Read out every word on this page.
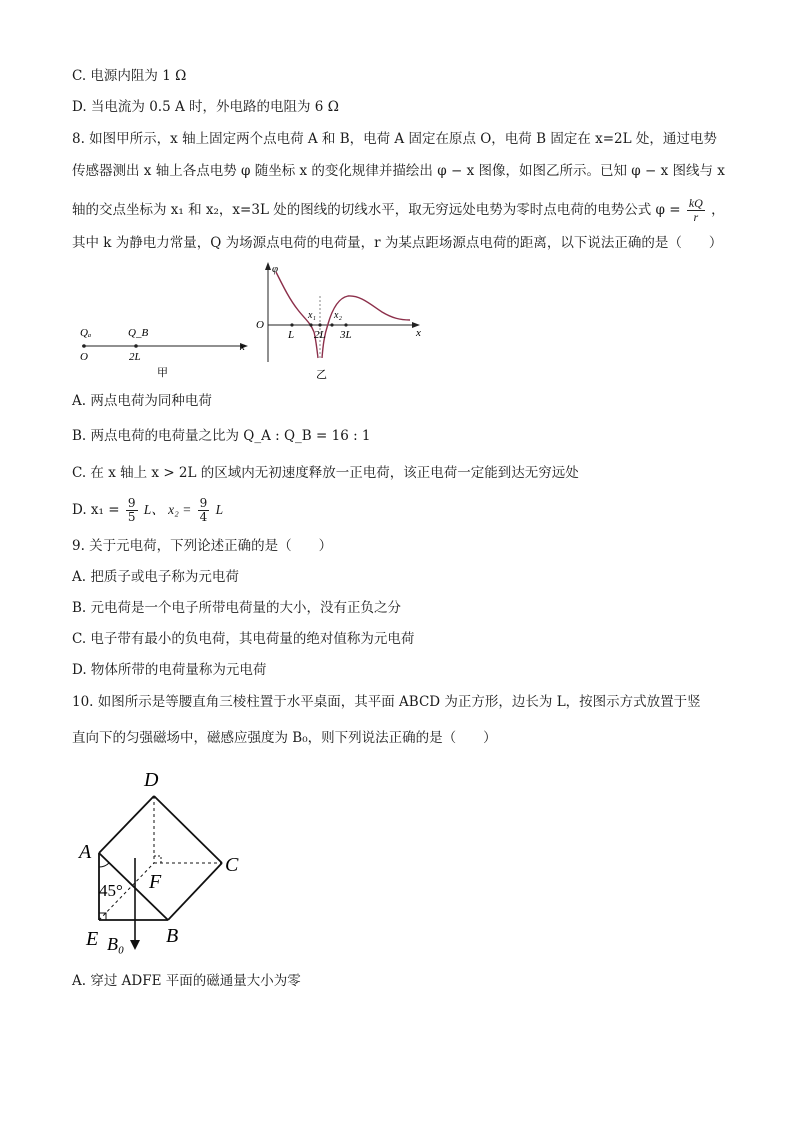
C. 电源内阻为 1 Ω
D. 当电流为 0.5 A 时，外电路的电阻为 6 Ω
8. 如图甲所示，x 轴上固定两个点电荷 A 和 B，电荷 A 固定在原点 O，电荷 B 固定在 x=2L 处，通过电势
传感器测出 x 轴上各点电势 φ 随坐标 x 的变化规律并描绘出 φ − x 图像，如图乙所示。已知 φ − x 图线与 x
轴的交点坐标为 x₁ 和 x₂，x=3L 处的图线的切线水平，取无穷远处电势为零时点电荷的电势公式 $\varphi = \frac{kQ}{r}$ ，
其中 k 为静电力常量，Q 为场源点电荷的电荷量，r 为某点距场源点电荷的距离，以下说法正确的是（　　）
Qₐ	Q_B
O	2L
x
甲
φ
O
x
L 2L 3L
x₁ x₂
乙
A. 两点电荷为同种电荷
B. 两点电荷的电荷量之比为 Q_A : Q_B = 16 : 1
C. 在 x 轴上 x > 2L 的区域内无初速度释放一正电荷，该正电荷一定能到达无穷远处
D. $x_1 = \frac{9}{5}$ L、 $x_2 = \frac{9}{4}$ L
9. 关于元电荷，下列论述正确的是（　　）
A. 把质子或电子称为元电荷
B. 元电荷是一个电子所带电荷量的大小，没有正负之分
C. 电子带有最小的负电荷，其电荷量的绝对值称为元电荷
D. 物体所带的电荷量称为元电荷
10. 如图所示是等腰直角三棱柱置于水平桌面，其平面 ABCD 为正方形，边长为 L，按图示方式放置于竖
直向下的匀强磁场中，磁感应强度为 B₀，则下列说法正确的是（　　）
D
A
C
F
E	B
B₀
45°
A. 穿过 ADFE 平面的磁通量大小为零
